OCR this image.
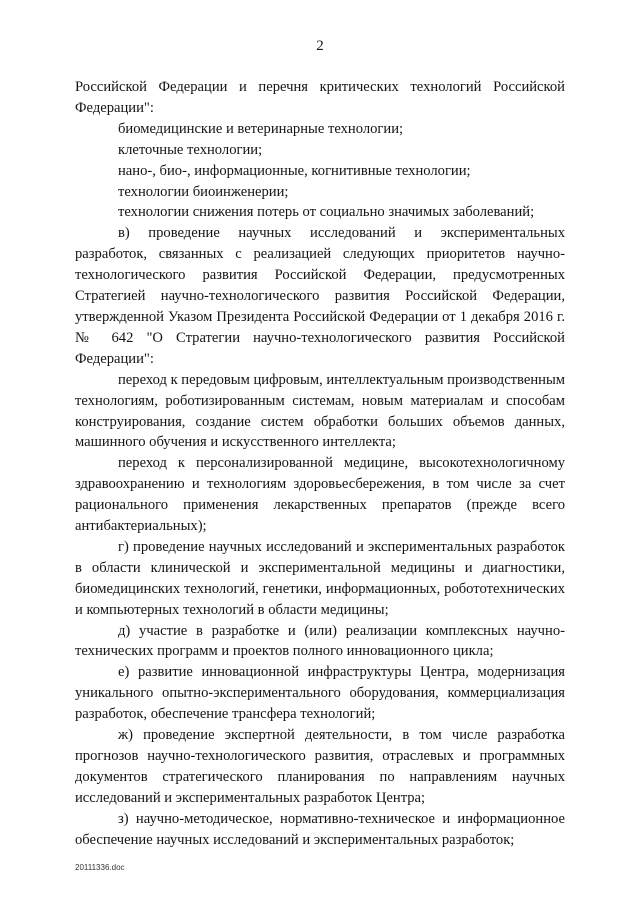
2

Российской Федерации и перечня критических технологий Российской Федерации":

биомедицинские и ветеринарные технологии;

клеточные технологии;

нано-, био-, информационные, когнитивные технологии;

технологии биоинженерии;

технологии снижения потерь от социально значимых заболеваний;

в) проведение научных исследований и экспериментальных разработок, связанных с реализацией следующих приоритетов научно-технологического развития Российской Федерации, предусмотренных Стратегией научно-технологического развития Российской Федерации, утвержденной Указом Президента Российской Федерации от 1 декабря 2016 г. № 642 "О Стратегии научно-технологического развития Российской Федерации":

переход к передовым цифровым, интеллектуальным производственным технологиям, роботизированным системам, новым материалам и способам конструирования, создание систем обработки больших объемов данных, машинного обучения и искусственного интеллекта;

переход к персонализированной медицине, высокотехнологичному здравоохранению и технологиям здоровьесбережения, в том числе за счет рационального применения лекарственных препаратов (прежде всего антибактериальных);

г) проведение научных исследований и экспериментальных разработок в области клинической и экспериментальной медицины и диагностики, биомедицинских технологий, генетики, информационных, робототехнических и компьютерных технологий в области медицины;

д) участие в разработке и (или) реализации комплексных научно-технических программ и проектов полного инновационного цикла;

е) развитие инновационной инфраструктуры Центра, модернизация уникального опытно-экспериментального оборудования, коммерциализация разработок, обеспечение трансфера технологий;

ж) проведение экспертной деятельности, в том числе разработка прогнозов научно-технологического развития, отраслевых и программных документов стратегического планирования по направлениям научных исследований и экспериментальных разработок Центра;

з) научно-методическое, нормативно-техническое и информационное обеспечение научных исследований и экспериментальных разработок;

20111336.doc
